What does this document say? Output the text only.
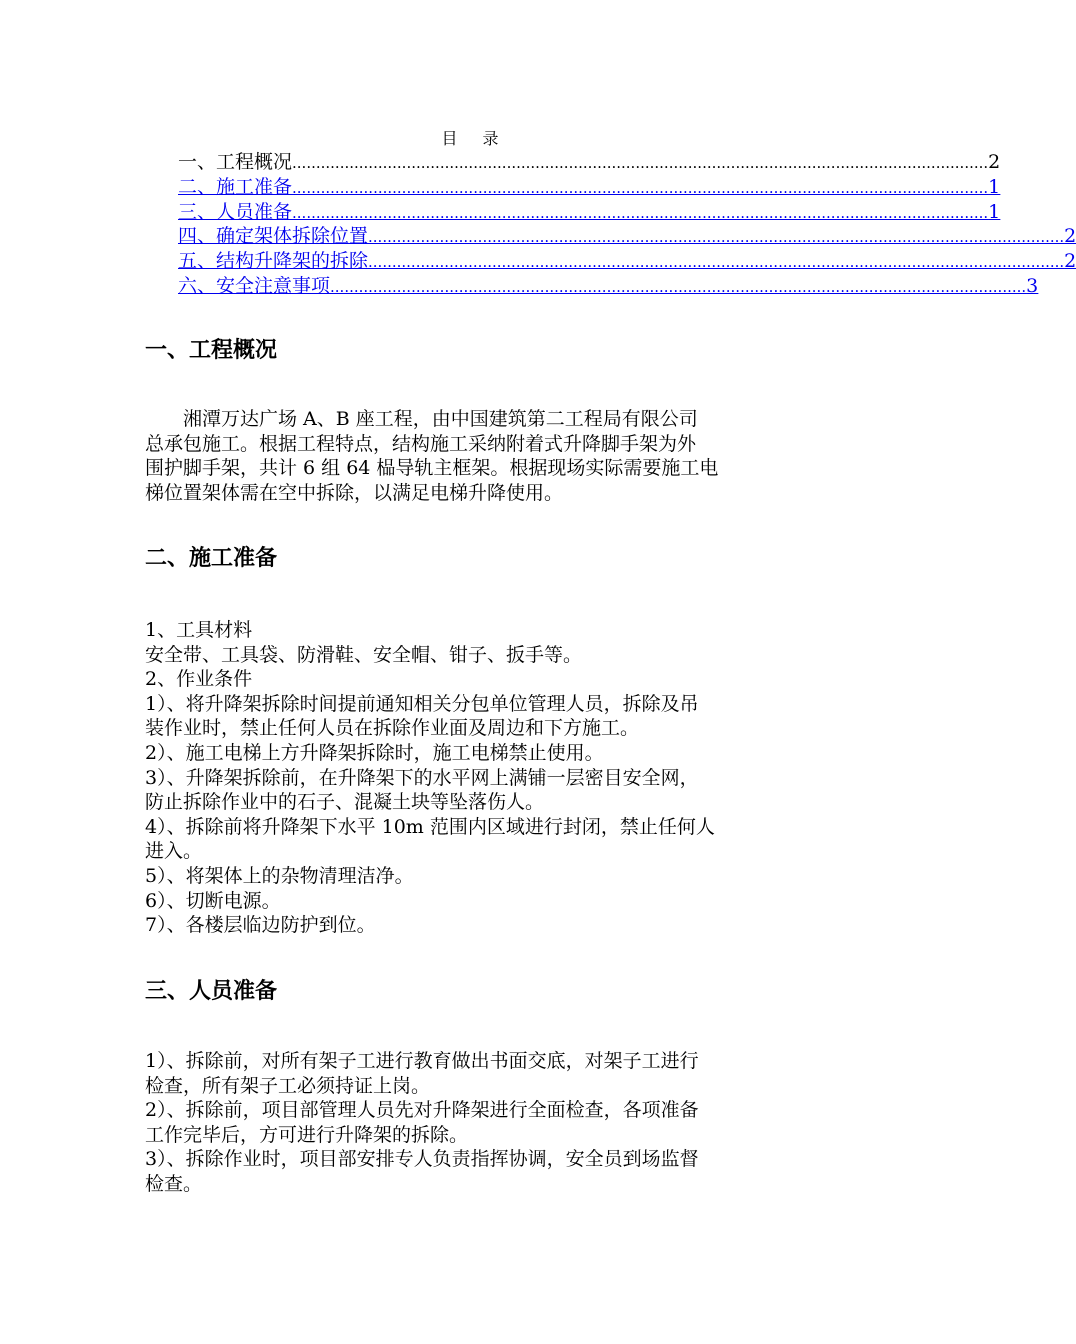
目 录
一、工程概况 .................................................................................................................................................. 2
二、施工准备 .................................................................................................................................................. 1
三、人员准备 .................................................................................................................................................. 1
四、确定架体拆除位置 .................................................................................................................................................. 2
五、结构升降架的拆除 .................................................................................................................................................. 2
六、安全注意事项 .................................................................................................................................................. 3
一、工程概况
湘潭万达广场 A、B 座工程，由中国建筑第二工程局有限公司
总承包施工。根据工程特点，结构施工采纳附着式升降脚手架为外
围护脚手架，共计 6 组 64 榀导轨主框架。根据现场实际需要施工电
梯位置架体需在空中拆除，以满足电梯升降使用。
二、施工准备
1、工具材料
安全带、工具袋、防滑鞋、安全帽、钳子、扳手等。
2、作业条件
1）、将升降架拆除时间提前通知相关分包单位管理人员，拆除及吊
装作业时，禁止任何人员在拆除作业面及周边和下方施工。
2）、施工电梯上方升降架拆除时，施工电梯禁止使用。
3）、升降架拆除前，在升降架下的水平网上满铺一层密目安全网，
防止拆除作业中的石子、混凝土块等坠落伤人。
4）、拆除前将升降架下水平 10m 范围内区域进行封闭，禁止任何人
进入。
5）、将架体上的杂物清理洁净。
6）、切断电源。
7）、各楼层临边防护到位。
三、人员准备
1）、拆除前，对所有架子工进行教育做出书面交底，对架子工进行
检查，所有架子工必须持证上岗。
2）、拆除前，项目部管理人员先对升降架进行全面检查，各项准备
工作完毕后，方可进行升降架的拆除。
3）、拆除作业时，项目部安排专人负责指挥协调，安全员到场监督
检查。
